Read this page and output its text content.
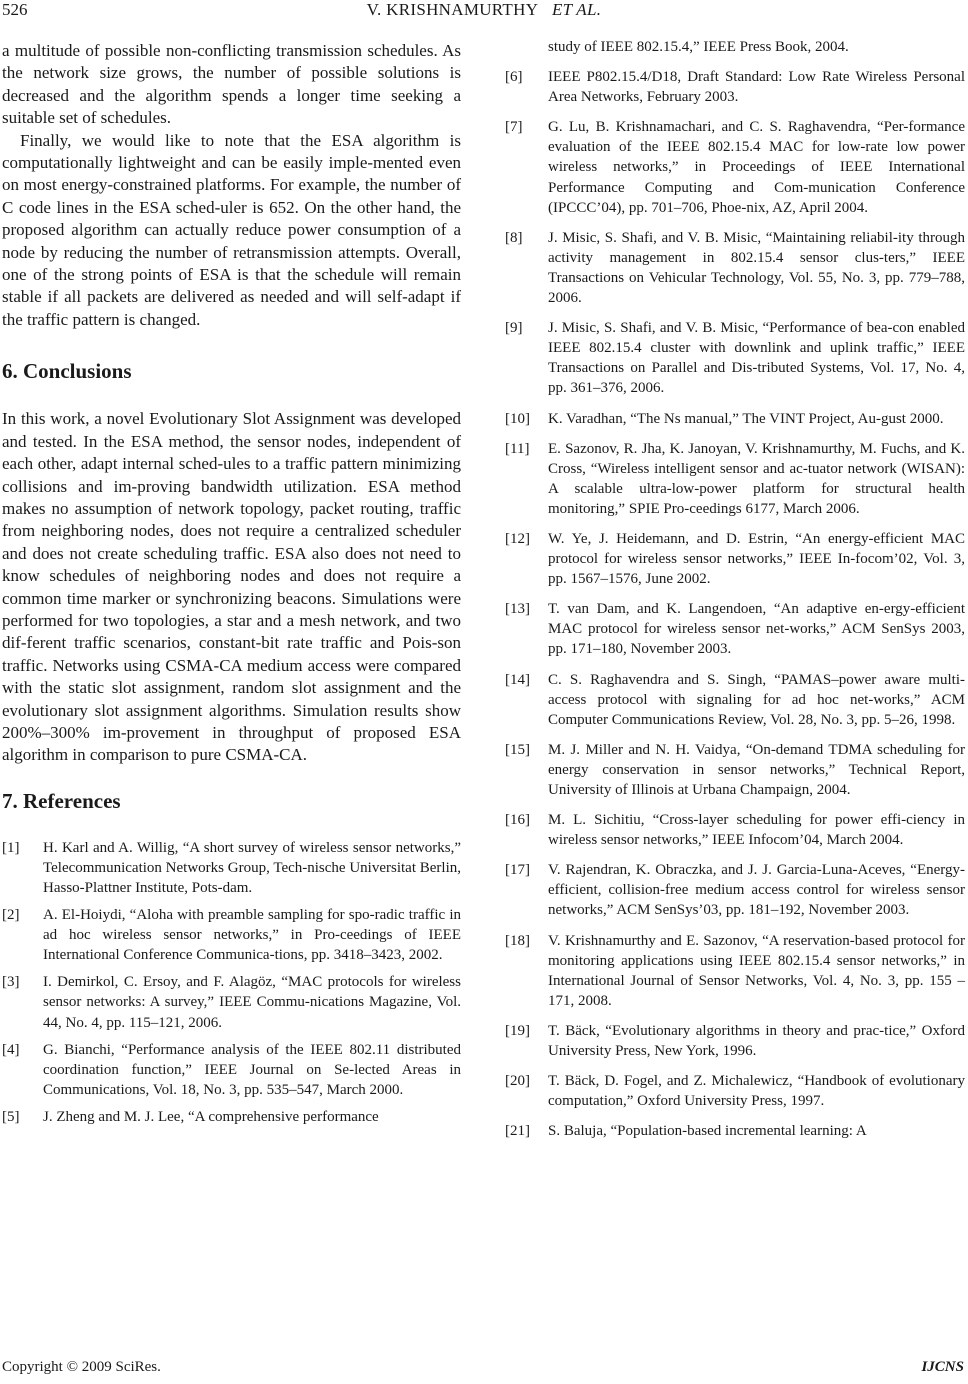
526	V. KRISHNAMURTHY ET AL.

a multitude of possible non-conflicting transmission schedules. As the network size grows, the number of possible solutions is decreased and the algorithm spends a longer time seeking a suitable set of schedules.

Finally, we would like to note that the ESA algorithm is computationally lightweight and can be easily imple-mented even on most energy-constrained platforms. For example, the number of C code lines in the ESA sched-uler is 652. On the other hand, the proposed algorithm can actually reduce power consumption of a node by reducing the number of retransmission attempts. Overall, one of the strong points of ESA is that the schedule will remain stable if all packets are delivered as needed and will self-adapt if the traffic pattern is changed.

6. Conclusions

In this work, a novel Evolutionary Slot Assignment was developed and tested. In the ESA method, the sensor nodes, independent of each other, adapt internal sched-ules to a traffic pattern minimizing collisions and im-proving bandwidth utilization. ESA method makes no assumption of network topology, packet routing, traffic from neighboring nodes, does not require a centralized scheduler and does not create scheduling traffic. ESA also does not need to know schedules of neighboring nodes and does not require a common time marker or synchronizing beacons. Simulations were performed for two topologies, a star and a mesh network, and two dif-ferent traffic scenarios, constant-bit rate traffic and Pois-son traffic. Networks using CSMA-CA medium access were compared with the static slot assignment, random slot assignment and the evolutionary slot assignment algorithms. Simulation results show 200%–300% im-provement in throughput of proposed ESA algorithm in comparison to pure CSMA-CA.

7. References
[1] H. Karl and A. Willig, “A short survey of wireless sensor networks,” Telecommunication Networks Group, Tech-nische Universitat Berlin, Hasso-Plattner Institute, Pots-dam.
[2] A. El-Hoiydi, “Aloha with preamble sampling for spo-radic traffic in ad hoc wireless sensor networks,” in Pro-ceedings of IEEE International Conference Communica-tions, pp. 3418–3423, 2002.
[3] I. Demirkol, C. Ersoy, and F. Alagöz, “MAC protocols for wireless sensor networks: A survey,” IEEE Commu-nications Magazine, Vol. 44, No. 4, pp. 115–121, 2006.
[4] G. Bianchi, “Performance analysis of the IEEE 802.11 distributed coordination function,” IEEE Journal on Se-lected Areas in Communications, Vol. 18, No. 3, pp. 535–547, March 2000.
[5] J. Zheng and M. J. Lee, “A comprehensive performance
study of IEEE 802.15.4,” IEEE Press Book, 2004.
[6] IEEE P802.15.4/D18, Draft Standard: Low Rate Wireless Personal Area Networks, February 2003.
[7] G. Lu, B. Krishnamachari, and C. S. Raghavendra, “Per-formance evaluation of the IEEE 802.15.4 MAC for low-rate low power wireless networks,” in Proceedings of IEEE International Performance Computing and Com-munication Conference (IPCCC’04), pp. 701–706, Phoe-nix, AZ, April 2004.
[8] J. Misic, S. Shafi, and V. B. Misic, “Maintaining reliabil-ity through activity management in 802.15.4 sensor clus-ters,” IEEE Transactions on Vehicular Technology, Vol. 55, No. 3, pp. 779–788, 2006.
[9] J. Misic, S. Shafi, and V. B. Misic, “Performance of bea-con enabled IEEE 802.15.4 cluster with downlink and uplink traffic,” IEEE Transactions on Parallel and Dis-tributed Systems, Vol. 17, No. 4, pp. 361–376, 2006.
[10] K. Varadhan, “The Ns manual,” The VINT Project, Au-gust 2000.
[11] E. Sazonov, R. Jha, K. Janoyan, V. Krishnamurthy, M. Fuchs, and K. Cross, “Wireless intelligent sensor and ac-tuator network (WISAN): A scalable ultra-low-power platform for structural health monitoring,” SPIE Pro-ceedings 6177, March 2006.
[12] W. Ye, J. Heidemann, and D. Estrin, “An energy-efficient MAC protocol for wireless sensor networks,” IEEE In-focom’02, Vol. 3, pp. 1567–1576, June 2002.
[13] T. van Dam, and K. Langendoen, “An adaptive en-ergy-efficient MAC protocol for wireless sensor net-works,” ACM SenSys 2003, pp. 171–180, November 2003.
[14] C. S. Raghavendra and S. Singh, “PAMAS–power aware multi-access protocol with signaling for ad hoc net-works,” ACM Computer Communications Review, Vol. 28, No. 3, pp. 5–26, 1998.
[15] M. J. Miller and N. H. Vaidya, “On-demand TDMA scheduling for energy conservation in sensor networks,” Technical Report, University of Illinois at Urbana Champaign, 2004.
[16] M. L. Sichitiu, “Cross-layer scheduling for power effi-ciency in wireless sensor networks,” IEEE Infocom’04, March 2004.
[17] V. Rajendran, K. Obraczka, and J. J. Garcia-Luna-Aceves, “Energy-efficient, collision-free medium access control for wireless sensor networks,” ACM SenSys’03, pp. 181–192, November 2003.
[18] V. Krishnamurthy and E. Sazonov, “A reservation-based protocol for monitoring applications using IEEE 802.15.4 sensor networks,” in International Journal of Sensor Networks, Vol. 4, No. 3, pp. 155 –171, 2008.
[19] T. Bäck, “Evolutionary algorithms in theory and prac-tice,” Oxford University Press, New York, 1996.
[20] T. Bäck, D. Fogel, and Z. Michalewicz, “Handbook of evolutionary computation,” Oxford University Press, 1997.
[21] S. Baluja, “Population-based incremental learning: A
Copyright © 2009 SciRes.	IJCNS
